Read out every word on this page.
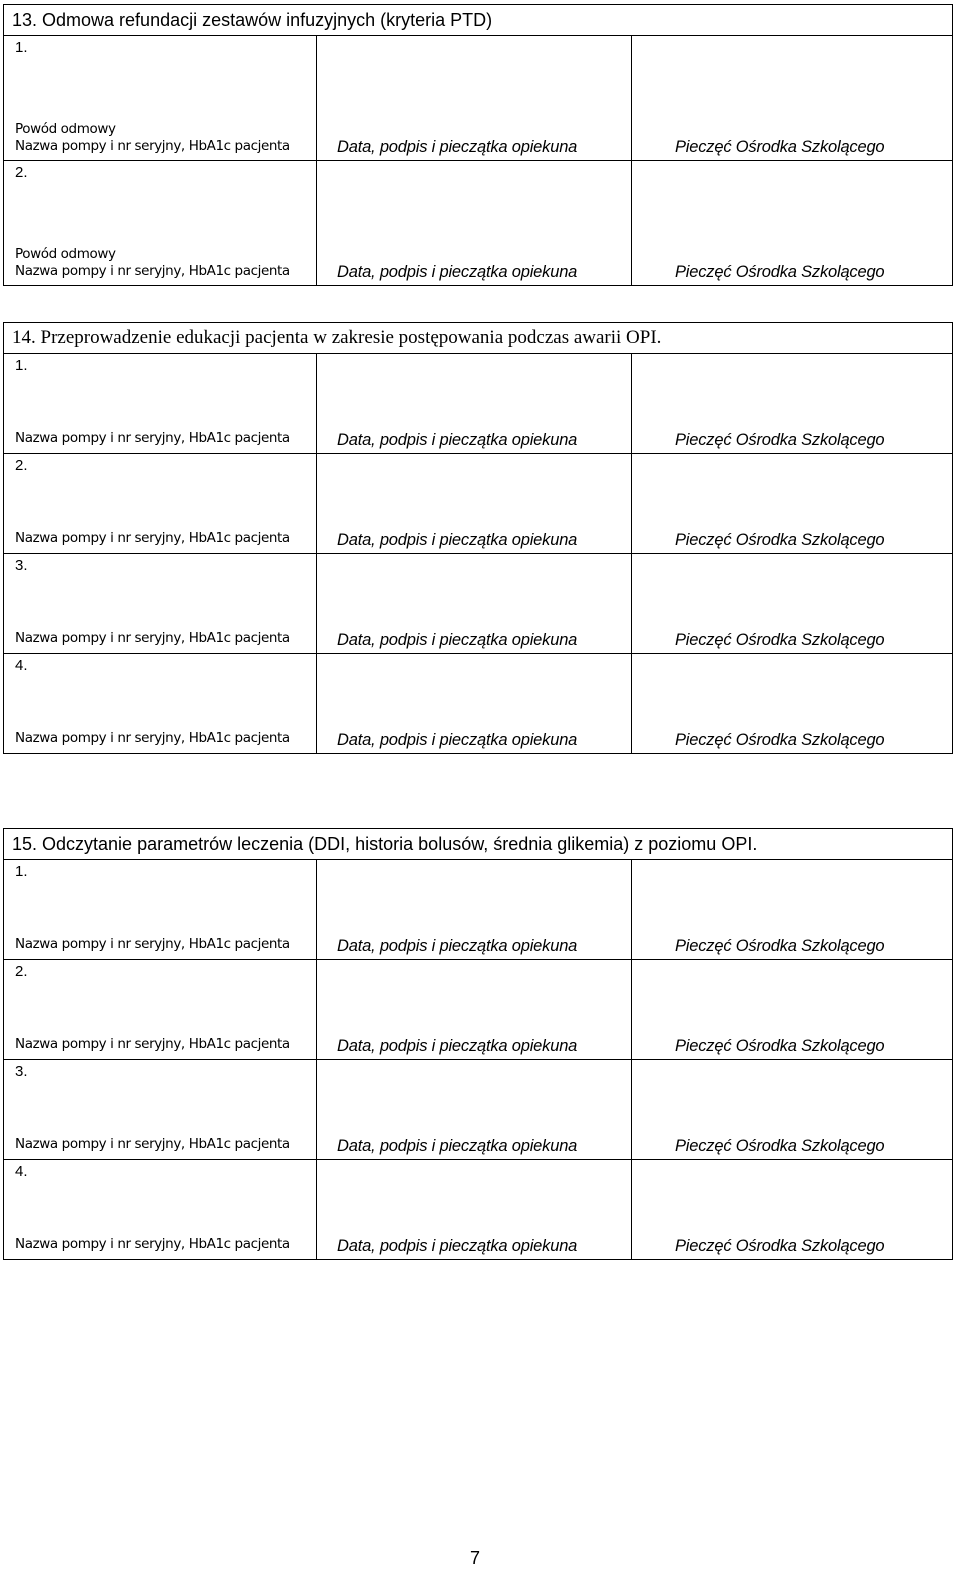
13. Odmowa refundacji zestawów infuzyjnych (kryteria PTD)		

1.
Powód odmowy
Nazwa pompy i nr seryjny, HbA1c pacjenta	Data, podpis i pieczątka opiekuna	Pieczęć Ośrodka Szkolącego

2.
Powód odmowy
Nazwa pompy i nr seryjny, HbA1c pacjenta	Data, podpis i pieczątka opiekuna	Pieczęć Ośrodka Szkolącego
14. Przeprowadzenie edukacji pacjenta w zakresie postępowania podczas awarii OPI.		

1.
Nazwa pompy i nr seryjny, HbA1c pacjenta	Data, podpis i pieczątka opiekuna	Pieczęć Ośrodka Szkolącego

2.
Nazwa pompy i nr seryjny, HbA1c pacjenta	Data, podpis i pieczątka opiekuna	Pieczęć Ośrodka Szkolącego

3.
Nazwa pompy i nr seryjny, HbA1c pacjenta	Data, podpis i pieczątka opiekuna	Pieczęć Ośrodka Szkolącego

4.
Nazwa pompy i nr seryjny, HbA1c pacjenta	Data, podpis i pieczątka opiekuna	Pieczęć Ośrodka Szkolącego
15. Odczytanie parametrów leczenia (DDI, historia bolusów, średnia glikemia) z poziomu OPI.		

1.
Nazwa pompy i nr seryjny, HbA1c pacjenta	Data, podpis i pieczątka opiekuna	Pieczęć Ośrodka Szkolącego

2.
Nazwa pompy i nr seryjny, HbA1c pacjenta	Data, podpis i pieczątka opiekuna	Pieczęć Ośrodka Szkolącego

3.
Nazwa pompy i nr seryjny, HbA1c pacjenta	Data, podpis i pieczątka opiekuna	Pieczęć Ośrodka Szkolącego

4.
Nazwa pompy i nr seryjny, HbA1c pacjenta	Data, podpis i pieczątka opiekuna	Pieczęć Ośrodka Szkolącego
7
